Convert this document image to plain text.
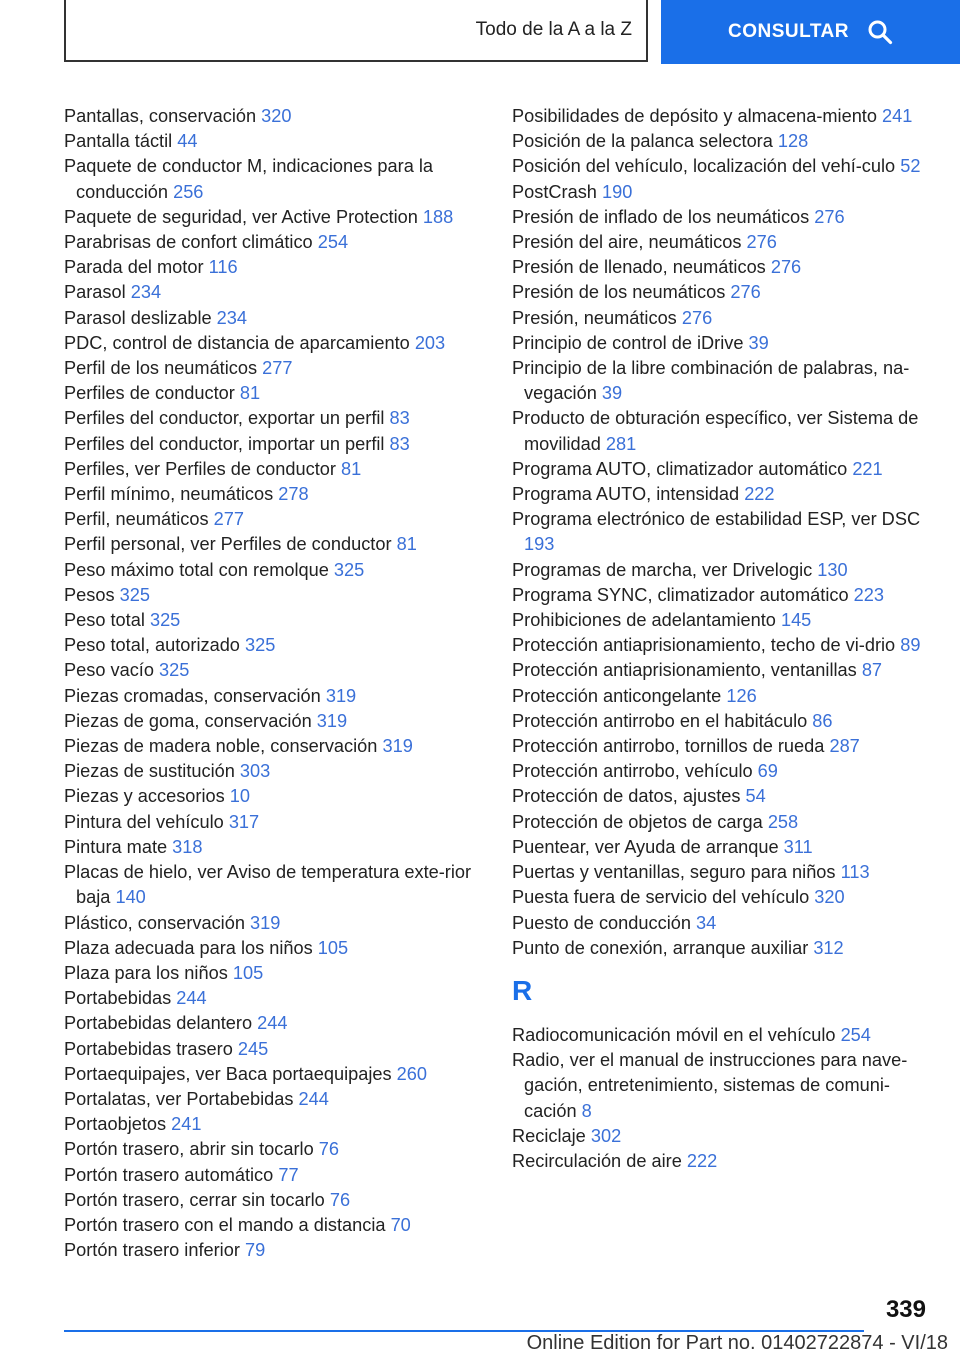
Todo de la A a la Z	CONSULTAR
Pantallas, conservación 320
Pantalla táctil 44
Paquete de conductor M, indicaciones para la conducción 256
Paquete de seguridad, ver Active Protection 188
Parabrisas de confort climático 254
Parada del motor 116
Parasol 234
Parasol deslizable 234
PDC, control de distancia de aparcamiento 203
Perfil de los neumáticos 277
Perfiles de conductor 81
Perfiles del conductor, exportar un perfil 83
Perfiles del conductor, importar un perfil 83
Perfiles, ver Perfiles de conductor 81
Perfil mínimo, neumáticos 278
Perfil, neumáticos 277
Perfil personal, ver Perfiles de conductor 81
Peso máximo total con remolque 325
Pesos 325
Peso total 325
Peso total, autorizado 325
Peso vacío 325
Piezas cromadas, conservación 319
Piezas de goma, conservación 319
Piezas de madera noble, conservación 319
Piezas de sustitución 303
Piezas y accesorios 10
Pintura del vehículo 317
Pintura mate 318
Placas de hielo, ver Aviso de temperatura exte‐rior baja 140
Plástico, conservación 319
Plaza adecuada para los niños 105
Plaza para los niños 105
Portabebidas 244
Portabebidas delantero 244
Portabebidas trasero 245
Portaequipajes, ver Baca portaequipajes 260
Portalatas, ver Portabebidas 244
Portaobjetos 241
Portón trasero, abrir sin tocarlo 76
Portón trasero automático 77
Portón trasero, cerrar sin tocarlo 76
Portón trasero con el mando a distancia 70
Portón trasero inferior 79
Posibilidades de depósito y almacena‐miento 241
Posición de la palanca selectora 128
Posición del vehículo, localización del vehí‐culo 52
PostCrash 190
Presión de inflado de los neumáticos 276
Presión del aire, neumáticos 276
Presión de llenado, neumáticos 276
Presión de los neumáticos 276
Presión, neumáticos 276
Principio de control de iDrive 39
Principio de la libre combinación de palabras, na‐vegación 39
Producto de obturación específico, ver Sistema de movilidad 281
Programa AUTO, climatizador automático 221
Programa AUTO, intensidad 222
Programa electrónico de estabilidad ESP, ver DSC 193
Programas de marcha, ver Drivelogic 130
Programa SYNC, climatizador automático 223
Prohibiciones de adelantamiento 145
Protección antiaprisionamiento, techo de vi‐drio 89
Protección antiaprisionamiento, ventanillas 87
Protección anticongelante 126
Protección antirrobo en el habitáculo 86
Protección antirrobo, tornillos de rueda 287
Protección antirrobo, vehículo 69
Protección de datos, ajustes 54
Protección de objetos de carga 258
Puentear, ver Ayuda de arranque 311
Puertas y ventanillas, seguro para niños 113
Puesta fuera de servicio del vehículo 320
Puesto de conducción 34
Punto de conexión, arranque auxiliar 312
R
Radiocomunicación móvil en el vehículo 254
Radio, ver el manual de instrucciones para nave‐gación, entretenimiento, sistemas de comuni‐cación 8
Reciclaje 302
Recirculación de aire 222
339
Online Edition for Part no. 01402722874 - VI/18
